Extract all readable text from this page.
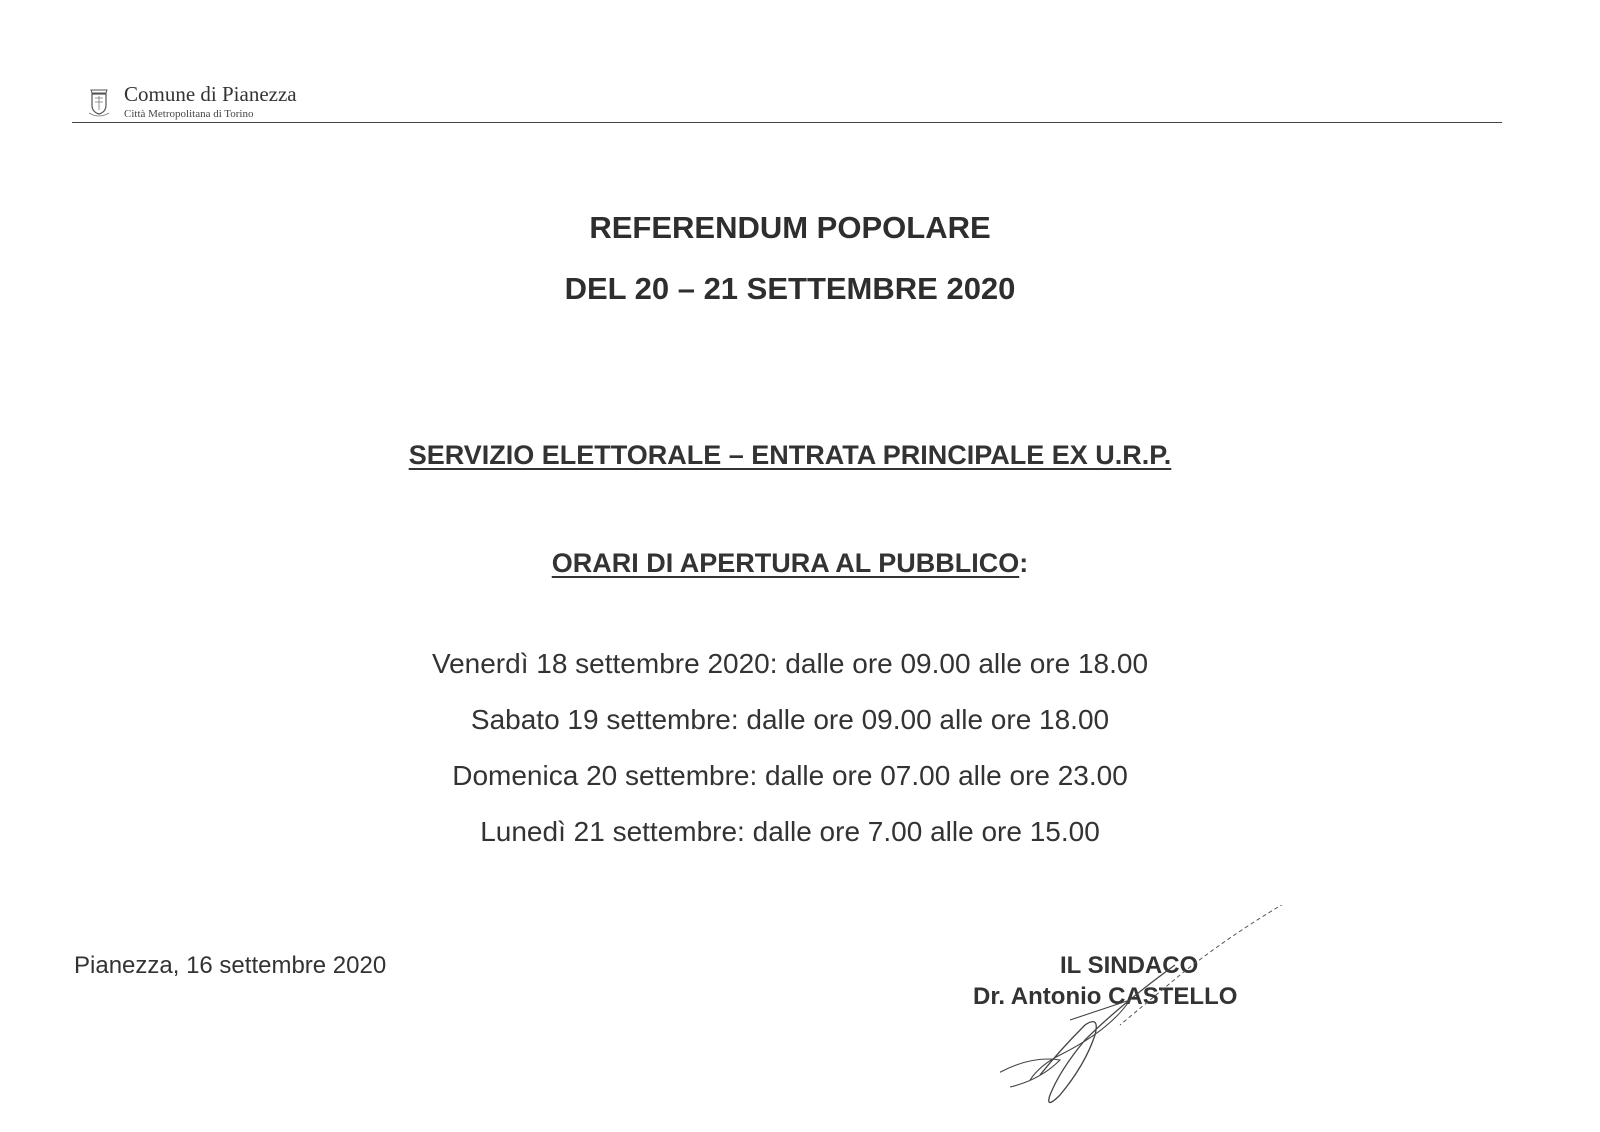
Comune di Pianezza
Città Metropolitana di Torino
REFERENDUM POPOLARE
DEL 20 – 21 SETTEMBRE 2020
SERVIZIO ELETTORALE – ENTRATA PRINCIPALE EX U.R.P.
ORARI DI APERTURA AL PUBBLICO:
Venerdì 18 settembre 2020: dalle ore 09.00 alle ore 18.00
Sabato 19 settembre: dalle ore 09.00 alle ore 18.00
Domenica 20 settembre: dalle ore 07.00 alle ore 23.00
Lunedì 21 settembre: dalle ore 7.00 alle ore 15.00
Pianezza, 16 settembre 2020	IL SINDACO
Dr. Antonio CASTELLO
